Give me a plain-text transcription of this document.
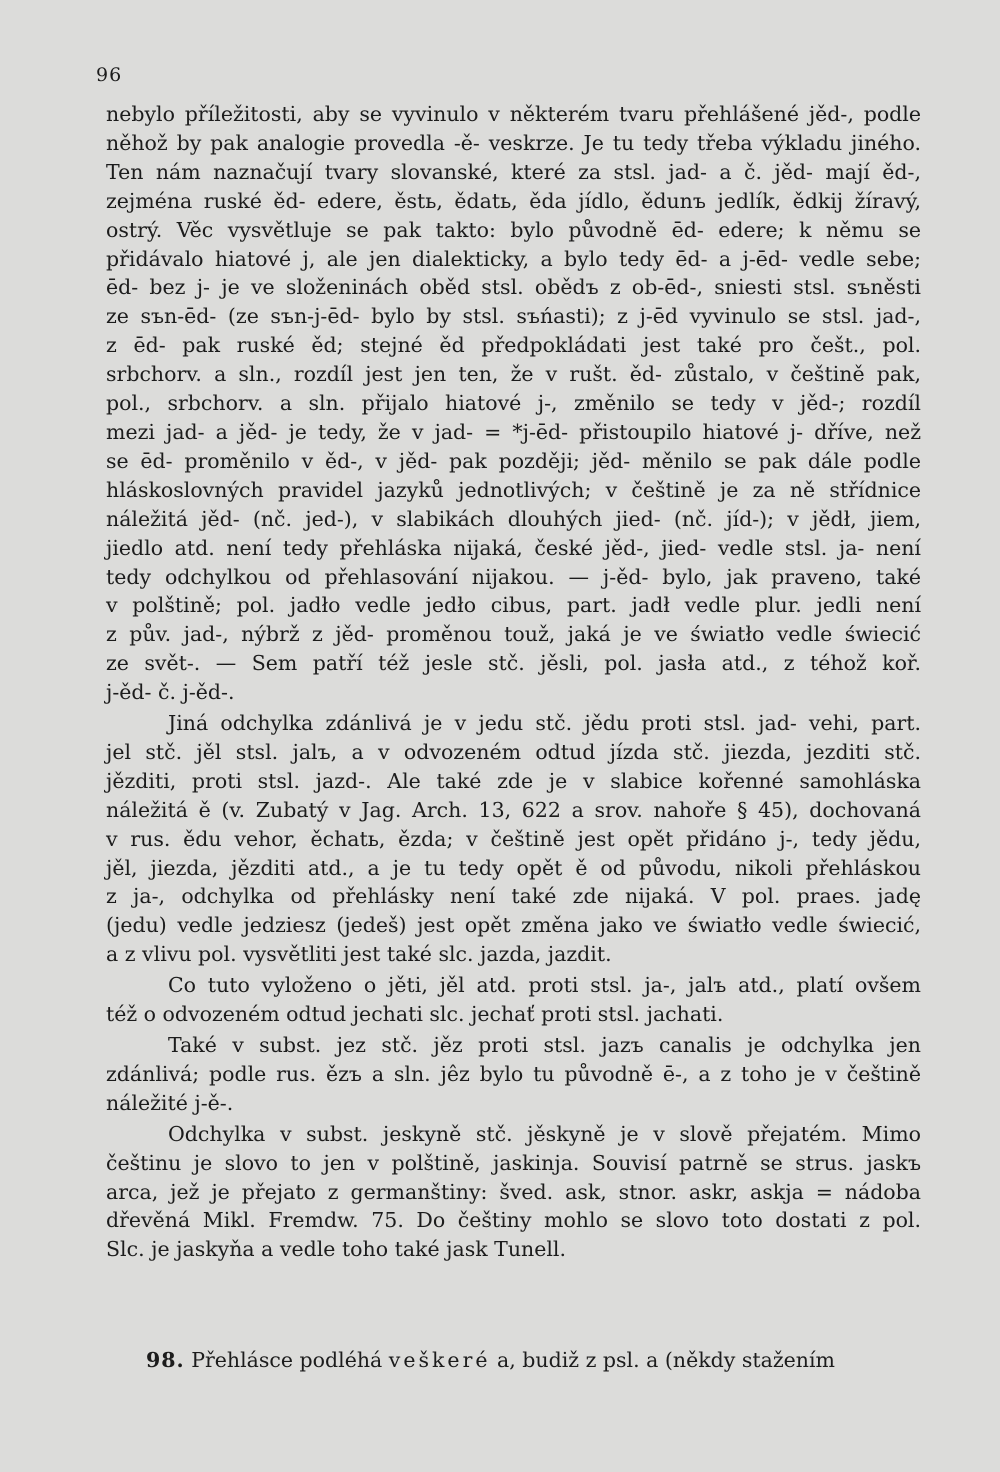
96
nebylo příležitosti, aby se vyvinulo v některém tvaru přehlášené jěd-, podle
něhož by pak analogie provedla -ě- veskrze. Je tu tedy třeba výkladu jiného.
Ten nám naznačují tvary slovanské, které za stsl. jad- a č. jěd- mají ěd-,
zejména ruské ěd- edere, ěstь, ědatь, ěda jídlo, ědunъ jedlík, ědkij žíravý,
ostrý. Věc vysvětluje se pak takto: bylo původně ēd- edere; k němu se
přidávalo hiatové j, ale jen dialekticky, a bylo tedy ēd- a j-ēd- vedle sebe;
ēd- bez j- je ve složeninách oběd stsl. obědъ z ob-ēd-, sniesti stsl. sъněsti
ze sъn-ēd- (ze sъn-j-ēd- bylo by stsl. sъńasti); z j-ēd vyvinulo se stsl. jad-,
z ēd- pak ruské ěd; stejné ěd předpokládati jest také pro češt., pol.
srbchorv. a sln., rozdíl jest jen ten, že v rušt. ěd- zůstalo, v češtině pak,
pol., srbchorv. a sln. přijalo hiatové j-, změnilo se tedy v jěd-; rozdíl
mezi jad- a jěd- je tedy, že v jad- = *j-ēd- přistoupilo hiatové j- dříve, než
se ēd- proměnilo v ěd-, v jěd- pak později; jěd- měnilo se pak dále podle
hláskoslovných pravidel jazyků jednotlivých; v češtině je za ně střídnice
náležitá jěd- (nč. jed-), v slabikách dlouhých jied- (nč. jíd-); v jědł, jiem,
jiedlo atd. není tedy přehláska nijaká, české jěd-, jied- vedle stsl. ja- není
tedy odchylkou od přehlasování nijakou. — j-ěd- bylo, jak praveno, také
v polštině; pol. jadło vedle jedło cibus, part. jadł vedle plur. jedli není
z pův. jad-, nýbrž z jěd- proměnou touž, jaká je ve światło vedle świecić
ze svět-. — Sem patří též jesle stč. jěsli, pol. jasła atd., z téhož koř.
j-ěd- č. j-ěd-.
Jiná odchylka zdánlivá je v jedu stč. jědu proti stsl. jad- vehi, part.
jel stč. jěl stsl. jalъ, a v odvozeném odtud jízda stč. jiezda, jezditi stč.
jězditi, proti stsl. jazd-. Ale také zde je v slabice kořenné samohláska
náležitá ě (v. Zubatý v Jag. Arch. 13, 622 a srov. nahoře § 45), dochovaná
v rus. ědu vehor, ěchatь, ězda; v češtině jest opět přidáno j-, tedy jědu,
jěl, jiezda, jězditi atd., a je tu tedy opět ě od původu, nikoli přehláskou
z ja-, odchylka od přehlásky není také zde nijaká. V pol. praes. jadę
(jedu) vedle jedziesz (jedeš) jest opět změna jako ve światło vedle świecić,
a z vlivu pol. vysvětliti jest také slc. jazda, jazdit.
Co tuto vyloženo o jěti, jěl atd. proti stsl. ja-, jalъ atd., platí ovšem
též o odvozeném odtud jechati slc. jechať proti stsl. jachati.
Také v subst. jez stč. jěz proti stsl. jazъ canalis je odchylka jen
zdánlivá; podle rus. ězъ a sln. jêz bylo tu původně ē-, a z toho je v češtině
náležité j-ě-.
Odchylka v subst. jeskyně stč. jěskyně je v slově přejatém. Mimo
češtinu je slovo to jen v polštině, jaskinja. Souvisí patrně se strus. jaskъ
arca, jež je přejato z germanštiny: šved. ask, stnor. askr, askja = nádoba
dřevěná Mikl. Fremdw. 75. Do češtiny mohlo se slovo toto dostati z pol.
Slc. je jaskyňa a vedle toho také jask Tunell.
98. Přehlásce podléhá veškeré a, budiž z psl. a (někdy stažením
